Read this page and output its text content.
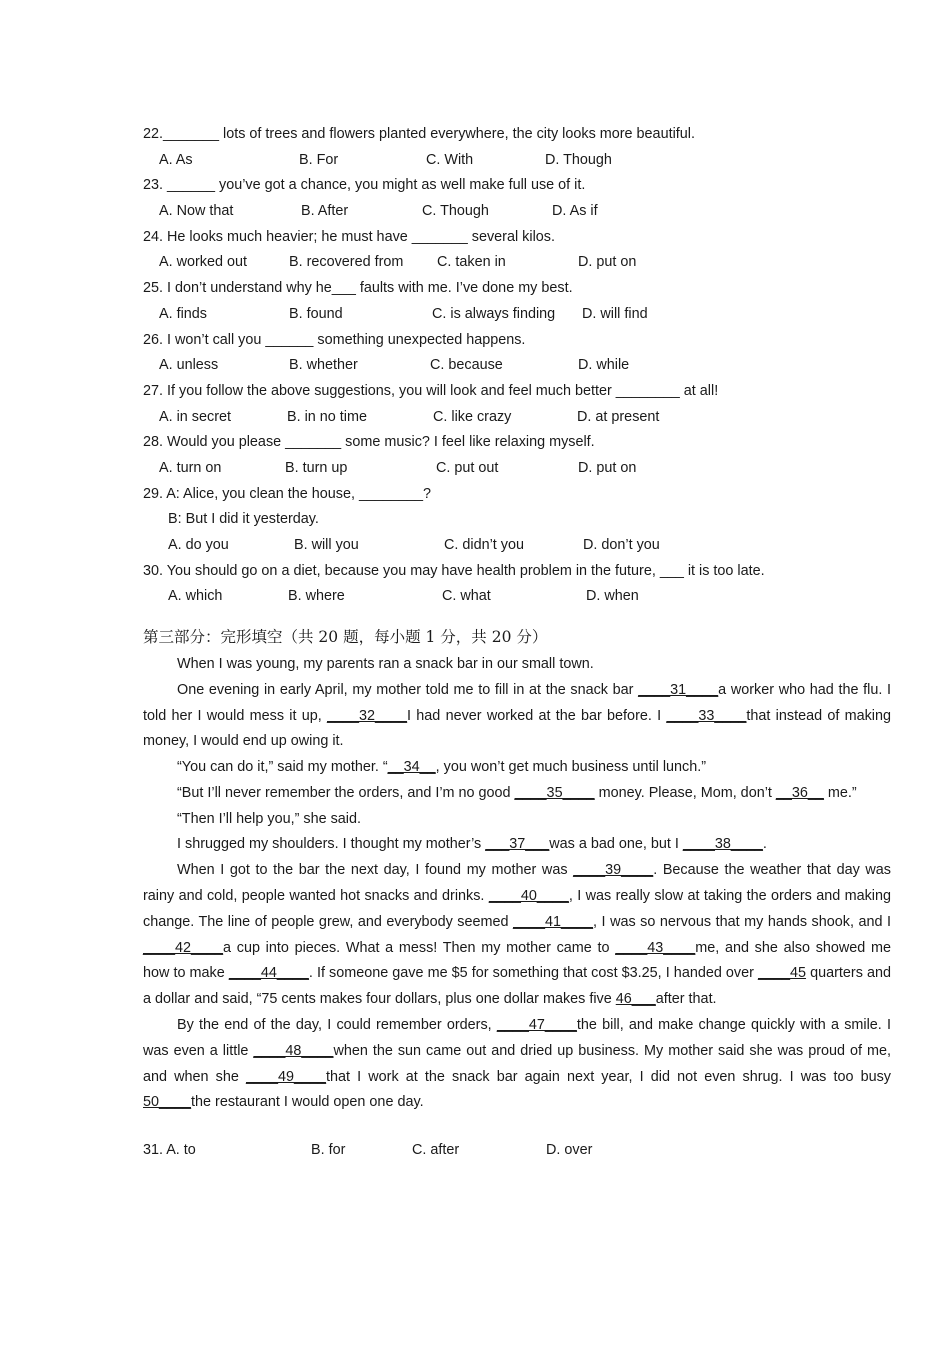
22._______ lots of trees and flowers planted everywhere, the city looks more beautiful.
A. As	B. For	C. With	D. Though
23. ______ you’ve got a chance, you might as well make full use of it.
A. Now that	B. After	C. Though	D. As if
24. He looks much heavier; he must have _______ several kilos.
A. worked out	B. recovered from	C. taken in	D. put on
25. I don’t understand why he___ faults with me. I’ve done my best.
A. finds	B. found	C. is always finding	D. will find
26. I won’t call you ______ something unexpected happens.
A. unless	B. whether	C. because	D. while
27. If you follow the above suggestions, you will look and feel much better ________ at all!
A. in secret	B. in no time	C. like crazy	D. at present
28. Would you please _______ some music? I feel like relaxing myself.
A. turn on	B. turn up	C. put out	D. put on
29. A: Alice, you clean the house, ________?
B: But I did it yesterday.
A. do you	B. will you	C. didn’t you	D. don’t you
30. You should go on a diet, because you may have health problem in the future, ___ it is too late.
A. which	B. where	C. what	D. when
第三部分：完形填空（共 20 题，每小题 1 分，共 20 分）
When I was young, my parents ran a snack bar in our small town.
One evening in early April, my mother told me to fill in at the snack bar ____31____a worker who had the flu. I told her I would mess it up, ____32____I had never worked at the bar before. I ____33____that instead of making money, I would end up owing it.
“You can do it,” said my mother. “__34__, you won’t get much business until lunch.”
“But I’ll never remember the orders, and I’m no good ____35____ money. Please, Mom, don’t __36__ me.”
“Then I’ll help you,” she said.
I shrugged my shoulders. I thought my mother’s ___37___was a bad one, but I ____38____.
When I got to the bar the next day, I found my mother was ____39____. Because the weather that day was rainy and cold, people wanted hot snacks and drinks. ____40____, I was really slow at taking the orders and making change. The line of people grew, and everybody seemed ____41____, I was so nervous that my hands shook, and I ____42____a cup into pieces. What a mess! Then my mother came to ____43____me, and she also showed me how to make ____44____. If someone gave me $5 for something that cost $3.25, I handed over ____45 quarters and a dollar and said, “75 cents makes four dollars, plus one dollar makes five 46___after that.
By the end of the day, I could remember orders, ____47____the bill, and make change quickly with a smile. I was even a little ____48____when the sun came out and dried up business. My mother said she was proud of me, and when she ____49____that I work at the snack bar again next year, I did not even shrug. I was too busy 50____the restaurant I would open one day.
31. A. to	B. for	C. after	D. over
